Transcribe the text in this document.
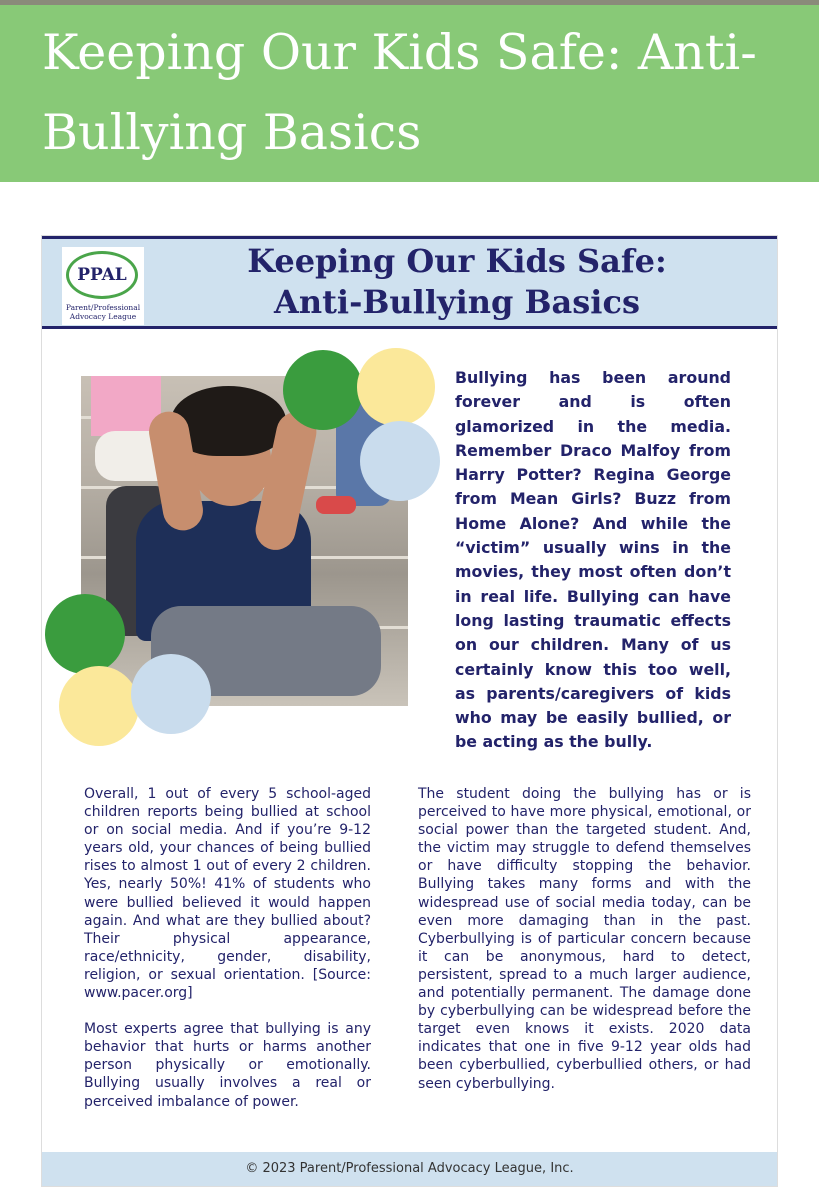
Keeping Our Kids Safe: Anti-Bullying Basics
PPAL
Parent/Professional Advocacy League
Keeping Our Kids Safe:
Anti-Bullying Basics

Bullying has been around forever and is often glamorized in the media. Remember Draco Malfoy from Harry Potter? Regina George from Mean Girls? Buzz from Home Alone? And while the “victim” usually wins in the movies, they most often don’t in real life. Bullying can have long lasting traumatic effects on our children. Many of us certainly know this too well, as parents/caregivers of kids who may be easily bullied, or be acting as the bully.

Overall, 1 out of every 5 school-aged children reports being bullied at school or on social media. And if you’re 9-12 years old, your chances of being bullied rises to almost 1 out of every 2 children. Yes, nearly 50%! 41% of students who were bullied believed it would happen again. And what are they bullied about? Their physical appearance, race/ethnicity, gender, disability, religion, or sexual orientation. [Source: www.pacer.org]

Most experts agree that bullying is any behavior that hurts or harms another person physically or emotionally. Bullying usually involves a real or perceived imbalance of power.

The student doing the bullying has or is perceived to have more physical, emotional, or social power than the targeted student. And, the victim may struggle to defend themselves or have difficulty stopping the behavior. Bullying takes many forms and with the widespread use of social media today, can be even more damaging than in the past. Cyberbullying is of particular concern because it can be anonymous, hard to detect, persistent, spread to a much larger audience, and potentially permanent. The damage done by cyberbullying can be widespread before the target even knows it exists. 2020 data indicates that one in five 9-12 year olds had been cyberbullied, cyberbullied others, or had seen cyberbullying.

© 2023 Parent/Professional Advocacy League, Inc.
